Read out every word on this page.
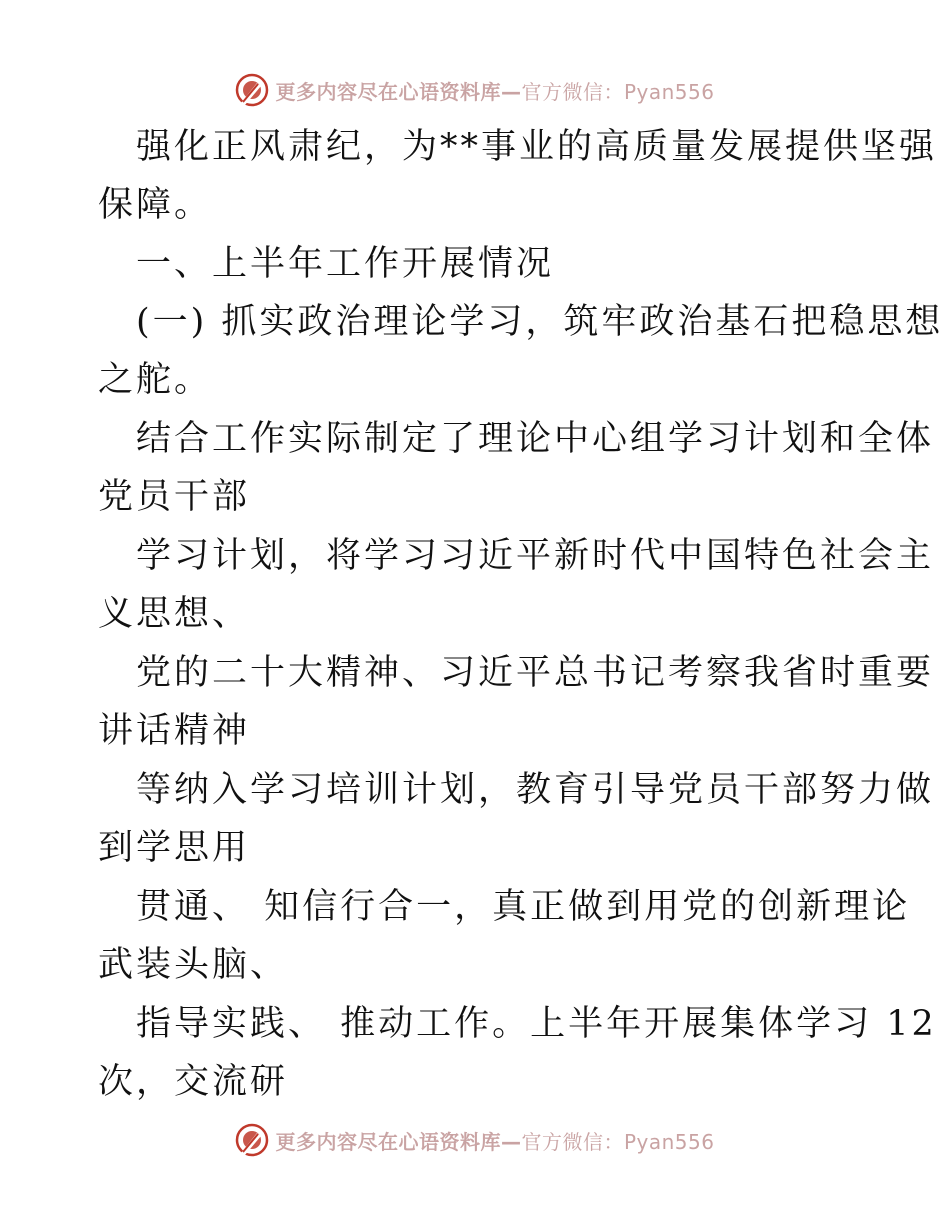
更多内容尽在心语资料库—官方微信：Pyan556
强化正风肃纪，为**事业的高质量发展提供坚强
保障。
一、上半年工作开展情况
(一) 抓实政治理论学习，筑牢政治基石把稳思想
之舵。
结合工作实际制定了理论中心组学习计划和全体
党员干部
学习计划，将学习习近平新时代中国特色社会主
义思想、
党的二十大精神、习近平总书记考察我省时重要
讲话精神
等纳入学习培训计划，教育引导党员干部努力做
到学思用
贯通、 知信行合一，真正做到用党的创新理论
武装头脑、
指导实践、 推动工作。上半年开展集体学习 12
次，交流研
更多内容尽在心语资料库—官方微信：Pyan556
